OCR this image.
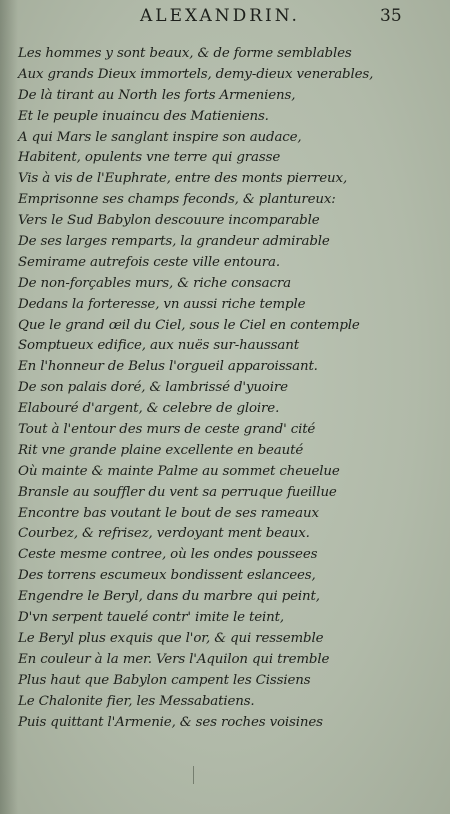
ALEXANDRIN.	35
Les hommes y sont beaux, & de forme semblables
Aux grands Dieux immortels, demy-dieux venerables,
De là tirant au North les forts Armeniens,
Et le peuple inuaincu des Matieniens.
A qui Mars le sanglant inspire son audace,
Habitent, opulents vne terre qui grasse
Vis à vis de l'Euphrate, entre des monts pierreux,
Emprisonne ses champs feconds, & plantureux:
Vers le Sud Babylon descouure incomparable
De ses larges remparts, la grandeur admirable
Semirame autrefois ceste ville entoura.
De non-forçables murs, & riche consacra
Dedans la forteresse, vn aussi riche temple
Que le grand œil du Ciel, sous le Ciel en contemple
Somptueux edifice, aux nuës sur-haussant
En l'honneur de Belus l'orgueil apparoissant.
De son palais doré, & lambrissé d'yuoire
Elabouré d'argent, & celebre de gloire.
Tout à l'entour des murs de ceste grand' cité
Rit vne grande plaine excellente en beauté
Où mainte & mainte Palme au sommet cheuelue
Bransle au souffler du vent sa perruque fueillue
Encontre bas voutant le bout de ses rameaux
Courbez, & refrisez, verdoyant ment beaux.
Ceste mesme contree, où les ondes poussees
Des torrens escumeux bondissent eslancees,
Engendre le Beryl, dans du marbre qui peint,
D'vn serpent tauelé contr' imite le teint,
Le Beryl plus exquis que l'or, & qui ressemble
En couleur à la mer. Vers l'Aquilon qui tremble
Plus haut que Babylon campent les Cissiens
Le Chalonite fier, les Messabatiens.
Puis quittant l'Armenie, & ses roches voisines
